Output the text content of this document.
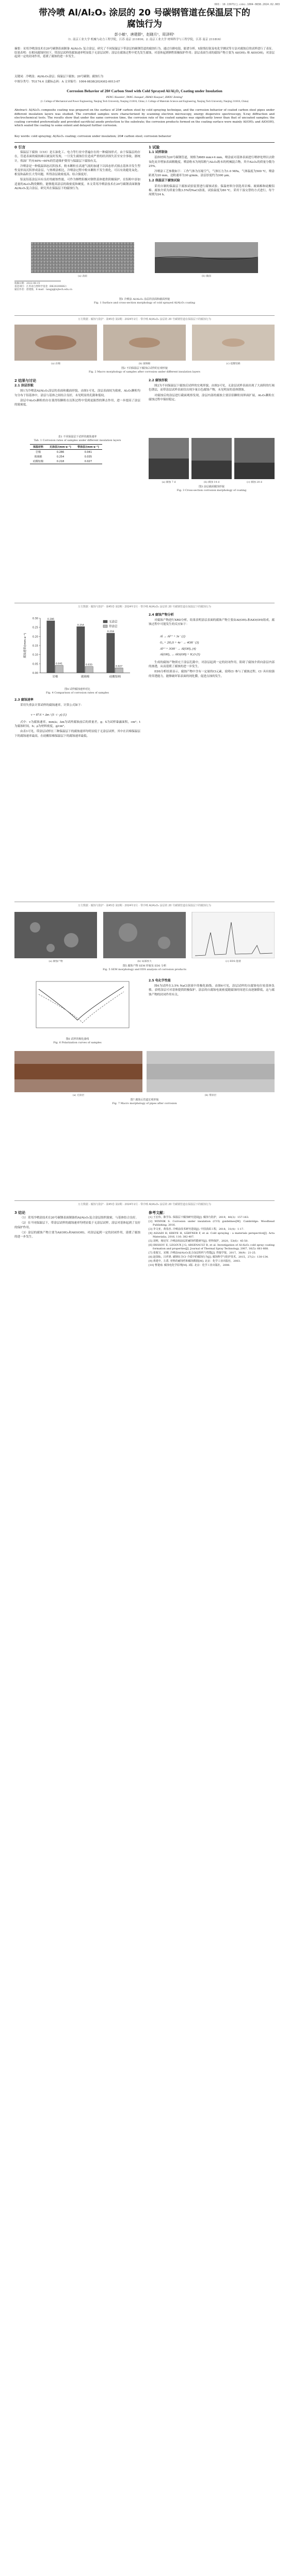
DOI: 10.13973/j.cnki.1004-0838.2024.02.003
带冷喷 Al/Al₂O₃ 涂层的 20 号碳钢管道在保温层下的
腐蚀行为
彭小敏¹，唐建群²，赵晓月¹，周泽明¹
（1. 南京工业大学 机械与动力工程学院，江苏 南京 211816；2. 南京工业大学 材料科学与工程学院，江苏 南京 211816）
摘要：采用冷喷涂技术在20号碳钢表面制备 Al/Al₂O₃ 复合涂层，研究了不同保温层下带涂层的碳钢管道的腐蚀行为。通过扫描电镜、能谱分析、X射线衍射及电化学测试等方法对腐蚀后的试样进行了表征。结果表明：在相同腐蚀时间下，带涂层试样的腐蚀速率明显低于无涂层试样；涂层在腐蚀过程中优先发生腐蚀，对基体起到牺牲阳极保护作用；涂层表面生成的腐蚀产物主要为 Al(OH)₃ 和 AlO(OH)，对涂层起到一定的封闭作用，延缓了腐蚀的进一步发生。
关键词：冷喷涂；Al/Al₂O₃涂层；保温层下腐蚀；20号碳钢；腐蚀行为
中图分类号：TG174.4 文献标志码：A 文章编号：1004-0838(2024)02-0013-07
Corrosion Behavior of 20# Carbon Steel with Cold Sprayed Al/Al₂O₃ Coating under Insulation
PENG Xiaomin¹, TANG Jianqun², ZHAO Xiaoyue¹, ZHOU Zeming¹
(1. College of Mechanical and Power Engineering, Nanjing Tech University, Nanjing 211816, China; 2. College of Materials Science and Engineering, Nanjing Tech University, Nanjing 211816, China)
Abstract: Al/Al₂O₃ composite coating was prepared on the surface of 20# carbon steel by cold spraying technique, and the corrosion behavior of coated carbon steel pipes under different insulation layers was studied. The corroded samples were characterized by scanning electron microscopy, energy dispersive spectroscopy, X-ray diffraction and electrochemical tests. The results show that under the same corrosion time, the corrosion rate of the coated samples was significantly lower than that of uncoated samples; the coating corroded preferentially and provided sacrificial anode protection to the substrate; the corrosion products formed on the coating surface were mainly Al(OH)₃ and AlO(OH), which sealed the coating to some extent and delayed further corrosion.
Key words: cold spraying; Al/Al₂O₃ coating; corrosion under insulation; 20# carbon steel; corrosion behavior

0 引言

保温层下腐蚀（CUI）是石油化工、电力等行业中普遍存在的一种腐蚀形式。由于保温层的存在，管道表面的腐蚀难以被及时发现，一旦发生腐蚀往往造成严重的经济损失甚至安全事故。据统计，炼油厂约有40%~60%的管道维护费用与保温层下腐蚀有关。

冷喷涂是一种低温固态沉积技术，粉末颗粒在高速气流的加速下以固态形式撞击基体并发生塑性变形而沉积形成涂层。与热喷涂相比，冷喷涂过程中粉末颗粒不发生熔化，可以有效避免氧化、相变和晶粒长大等问题，所得涂层致密度高、结合强度好。

铝及铝基涂层具有良好的耐蚀性能，可作为牺牲阳极对钢铁基体提供阴极保护。在铝粉中添加适量的Al₂O₃陶瓷颗粒，能够提高涂层的致密度和硬度。本文采用冷喷涂技术在20号碳钢表面制备Al/Al₂O₃复合涂层，研究其在保温层下的腐蚀行为。

收稿日期：2022-08-15
基金项目：江苏省自然科学基金（BK20200682）
通信作者：唐建群，E-mail：tangjq@njtech.edu.cn

1 试验

1.1 试样制备

基体材料为20号碳钢管道，规格为Φ89 mm×4 mm。喷涂前对基体表面进行喷砂处理以去除氧化皮并增加表面粗糙度。喷涂粉末为纯铝粉与Al₂O₃粉末的机械混合物，其中Al₂O₃的质量分数为25%。

冷喷涂工艺参数如下：工作气体为压缩空气，气体压力为1.0 MPa，气体温度为500 ℃，喷涂距离为20 mm，送粉速率为30 g/min。涂层厚度约为300 μm。

1.2 保温层下腐蚀试验

采用自制的保温层下腐蚀试验装置进行腐蚀试验。保温材料分别选用岩棉、玻璃棉和硅酸铝棉。腐蚀介质为质量分数3.5%的NaCl溶液，试验温度为80 ℃，采用干湿交替的方式进行，每个周期为24 h。

(a) 表面	(b) 截面
图1 冷喷涂 Al/Al₂O₃ 涂层的表面和截面形貌
Fig. 1 Surface and cross-section morphology of cold sprayed Al/Al₂O₃ coating
万方数据 · 腐蚀与防护 · 第45卷 第2期 · 2024年2月 · 带冷喷 Al/Al₂O₃ 涂层的 20 号碳钢管道在保温层下的腐蚀行为
(a) 岩棉	(b) 玻璃棉	(c) 硅酸铝棉
图2 不同保温层下腐蚀后试样的宏观形貌
Fig. 2 Macro morphology of samples after corrosion under different insulation layers

2 结果与讨论

2.1 涂层形貌

图1为冷喷涂Al/Al₂O₃涂层的表面和截面形貌。由图1可见，涂层表面较为致密，Al₂O₃颗粒均匀分布于铝基体中，涂层与基体之间结合良好，未见明显的孔隙和裂纹。

涂层中Al₂O₃颗粒的存在使得铝颗粒在沉积过程中受到更强烈的锤击作用，进一步提高了涂层的致密度。

2.2 腐蚀形貌

图2为不同保温层下腐蚀后试样的宏观形貌。由图2可见，无涂层试样表面出现了大面积的红褐色锈层，而带涂层试样表面仅出现少量白色腐蚀产物，未见明显的基体锈蚀。

对腐蚀后的涂层进行截面观察发现，涂层内部的腐蚀主要沿铝颗粒间界面扩展，Al₂O₃颗粒在腐蚀过程中保持稳定。

表1 不同保温层下试样的腐蚀速率
Tab. 1 Corrosion rates of samples under different insulation layers
保温材料	无涂层/(mm·a⁻¹)	带涂层/(mm·a⁻¹)
岩棉	0.286	0.041
玻璃棉	0.254	0.035
硅酸铝棉	0.218	0.027
(a) 腐蚀 7 d	(b) 腐蚀 14 d	(c) 腐蚀 28 d
图3 涂层截面腐蚀形貌
Fig. 3 Cross-section corrosion morphology of coating
万方数据 · 腐蚀与防护 · 第45卷 第2期 · 2024年2月 · 带冷喷 Al/Al₂O₃ 涂层的 20 号碳钢管道在保温层下的腐蚀行为
0.00
0.05
0.10
0.15
0.20
0.25
0.30	0.286
0.041
岩棉
0.254
0.035
玻璃棉
0.218
0.027
硅酸铝棉
腐蚀速率/(mm·a⁻¹)
无涂层
带涂层
图4 试样腐蚀速率对比
Fig. 4 Comparison of corrosion rates of samples

2.3 腐蚀速率

采用失重法计算试样的腐蚀速率，计算公式如下：

v = 87.6 × Δm / (S · t · ρ) (1)

式中：v为腐蚀速率，mm/a；Δm为试样腐蚀前后的质量差，g；S为试样暴露面积，cm²；t为腐蚀时间，h；ρ为材料密度，g/cm³。

由表1可见，带涂层试样在三种保温层下的腐蚀速率均明显低于无涂层试样，其中在岩棉保温层下的腐蚀速率最高，在硅酸铝棉保温层下的腐蚀速率最低。

2.4 腐蚀产物分析

对腐蚀产物进行XRD分析，结果表明涂层表面的腐蚀产物主要由Al(OH)₃和AlO(OH)组成。腐蚀过程中可能发生的反应如下：

Al → Al³⁺ + 3e⁻ (2)
O₂ + 2H₂O + 4e⁻ → 4OH⁻ (3)
Al³⁺ + 3OH⁻ → Al(OH)₃ (4)
Al(OH)₃ → AlO(OH) + H₂O (5)

生成的腐蚀产物填充于涂层孔隙中，对涂层起到一定的封闭作用，阻碍了腐蚀介质向涂层内部的渗透，从而延缓了腐蚀的进一步发生。

EDS分析结果显示，腐蚀产物中含有一定量的Cl元素，说明Cl⁻参与了腐蚀过程。Cl⁻具有较强的穿透能力，能够破坏铝表面的钝化膜，促进点蚀的发生。

万方数据 · 腐蚀与防护 · 第45卷 第2期 · 2024年2月 · 带冷喷 Al/Al₂O₃ 涂层的 20 号碳钢管道在保温层下的腐蚀行为
(a) 腐蚀产物	(b) 局部放大	(c) EDS 能谱
图5 腐蚀产物 SEM 形貌及 EDS 分析
Fig. 5 SEM morphology and EDS analysis of corrosion products
图6 试样的极化曲线
Fig. 6 Polarization curves of samples

2.5 电化学性能

图6为试样在3.5% NaCl溶液中的极化曲线。由图6可见，涂层试样的自腐蚀电位较基体负移，表明涂层可对基体提供阴极保护。涂层的自腐蚀电流密度随腐蚀时间延长而逐渐降低，这与腐蚀产物的封闭作用有关。

(a) 无涂层	(b) 带涂层
图7 腐蚀后管道宏观形貌
Fig. 7 Macro morphology of pipes after corrosion
万方数据 · 腐蚀与防护 · 第45卷 第2期 · 2024年2月 · 带冷喷 Al/Al₂O₃ 涂层的 20 号碳钢管道在保温层下的腐蚀行为

3 结论

（1）采用冷喷涂技术在20号碳钢表面制备的Al/Al₂O₃复合涂层组织致密，与基体结合良好。

（2）在不同保温层下，带涂层试样的腐蚀速率均明显低于无涂层试样，涂层对基体起到了良好的保护作用。

（3）涂层的腐蚀产物主要为Al(OH)₃和AlO(OH)，对涂层起到一定的封闭作用，延缓了腐蚀的进一步发生。

参考文献：

[1] 王宏伟，陈学东. 保温层下腐蚀研究进展[J]. 腐蚀与防护，2019，40(3)：157-163.

[2] WINNIK S. Corrosion under insulation (CUI) guidelines[M]. Cambridge: Woodhead Publishing, 2016.

[3] 李文亚，黄春杰. 冷喷涂技术研究进展[J]. 中国表面工程，2018，31(4)：1-17.

[4] ASSADI H, KREYE H, GÄRTNER F, et al. Cold spraying - a materials perspective[J]. Acta Materialia, 2016, 116: 382-407.

[5] 刘明，杨冠军. 冷喷涂铝涂层的耐蚀性能研究[J]. 材料保护，2020，53(6)：45-50.

[6] IRISSOU E, LEGOUX J G, ARSENAULT B, et al. Investigation of Al-Al₂O₃ cold spray coating formation and properties[J]. Journal of Thermal Spray Technology, 2007, 16(5): 661-668.

[7] 张俊宝，宋刚. 冷喷涂Al/Al₂O₃复合涂层组织与性能[J]. 焊接学报，2017，38(9)：21-25.

[8] 赵国仙，吕祥鸿. 碳钢在含Cl⁻介质中的腐蚀行为[J]. 腐蚀科学与防护技术，2015，27(2)：130-134.

[9] 黄建中，左禹. 材料的耐蚀性和腐蚀数据[M]. 北京：化学工业出版社，2003.

[10] 曹楚南. 腐蚀电化学原理[M]. 3版. 北京：化学工业出版社，2008.
